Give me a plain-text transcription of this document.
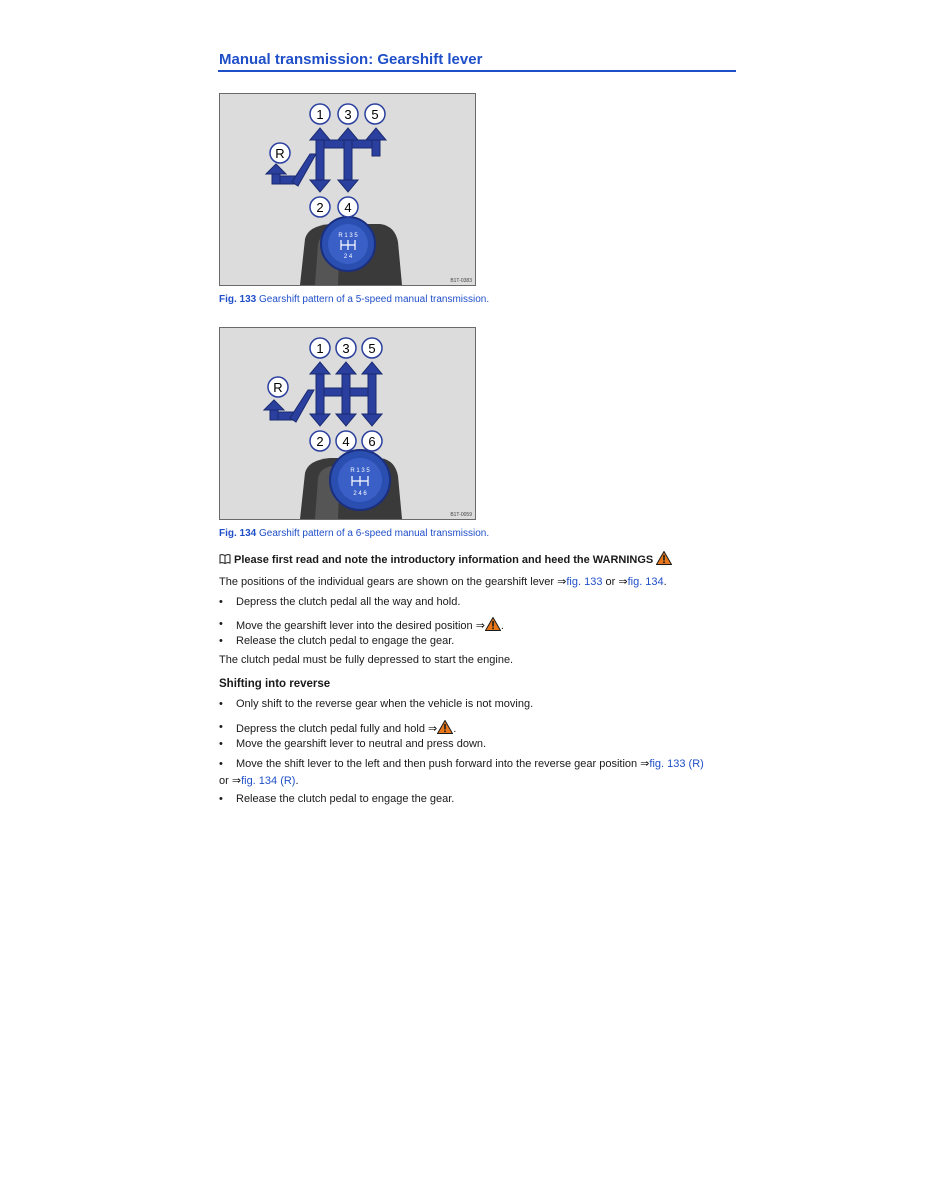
Manual transmission: Gearshift lever
R 1 3 5
2 4
1 3 5
R
2 4
B1T-0383
Fig. 133 Gearshift pattern of a 5-speed manual transmission.
R 1 3 5
2 4 6
1 3 5
R
2 4 6
B1T-0059
Fig. 134 Gearshift pattern of a 6-speed manual transmission.
Please first read and note the introductory information and heed the WARNINGS
The positions of the individual gears are shown on the gearshift lever ⇒fig. 133 or ⇒fig. 134.
• Depress the clutch pedal all the way and hold.
• Move the gearshift lever into the desired position ⇒ .
• Release the clutch pedal to engage the gear.
The clutch pedal must be fully depressed to start the engine.
Shifting into reverse
• Only shift to the reverse gear when the vehicle is not moving.
• Depress the clutch pedal fully and hold ⇒ .
• Move the gearshift lever to neutral and press down.
• Move the shift lever to the left and then push forward into the reverse gear position ⇒fig. 133 (R)
or ⇒fig. 134 (R).
• Release the clutch pedal to engage the gear.
